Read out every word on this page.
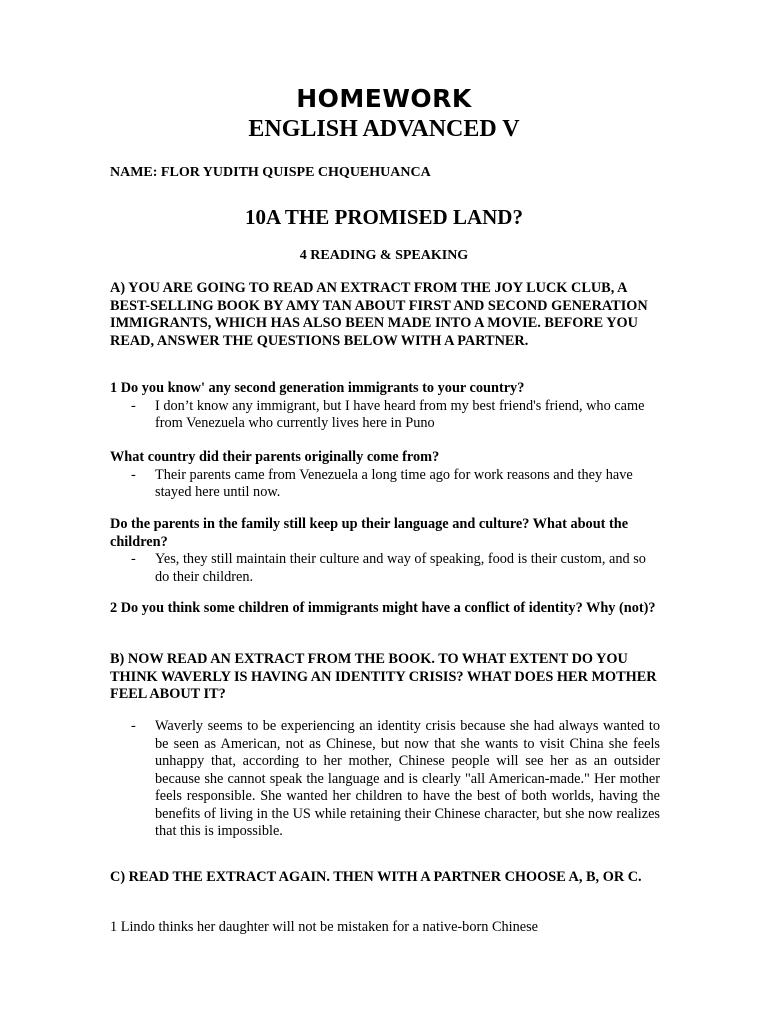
HOMEWORK
ENGLISH ADVANCED V
NAME: FLOR YUDITH QUISPE CHQUEHUANCA
10A THE PROMISED LAND?
4 READING & SPEAKING
A) YOU ARE GOING TO READ AN EXTRACT FROM THE JOY LUCK CLUB, A BEST-SELLING BOOK BY AMY TAN ABOUT FIRST AND SECOND GENERATION IMMIGRANTS, WHICH HAS ALSO BEEN MADE INTO A MOVIE. BEFORE YOU READ, ANSWER THE QUESTIONS BELOW WITH A PARTNER.
1 Do you know' any second generation immigrants to your country?
- I don’t know any immigrant, but I have heard from my best friend's friend, who came from Venezuela who currently lives here in Puno
What country did their parents originally come from?
- Their parents came from Venezuela a long time ago for work reasons and they have stayed here until now.
Do the parents in the family still keep up their language and culture? What about the children?
- Yes, they still maintain their culture and way of speaking, food is their custom, and so do their children.
2 Do you think some children of immigrants might have a conflict of identity? Why (not)?
B) NOW READ AN EXTRACT FROM THE BOOK. TO WHAT EXTENT DO YOU THINK WAVERLY IS HAVING AN IDENTITY CRISIS? WHAT DOES HER MOTHER FEEL ABOUT IT?
- Waverly seems to be experiencing an identity crisis because she had always wanted to be seen as American, not as Chinese, but now that she wants to visit China she feels unhappy that, according to her mother, Chinese people will see her as an outsider because she cannot speak the language and is clearly "all American-made." Her mother feels responsible. She wanted her children to have the best of both worlds, having the benefits of living in the US while retaining their Chinese character, but she now realizes that this is impossible.
C) READ THE EXTRACT AGAIN. THEN WITH A PARTNER CHOOSE A, B, OR C.
1 Lindo thinks her daughter will not be mistaken for a native-born Chinese
